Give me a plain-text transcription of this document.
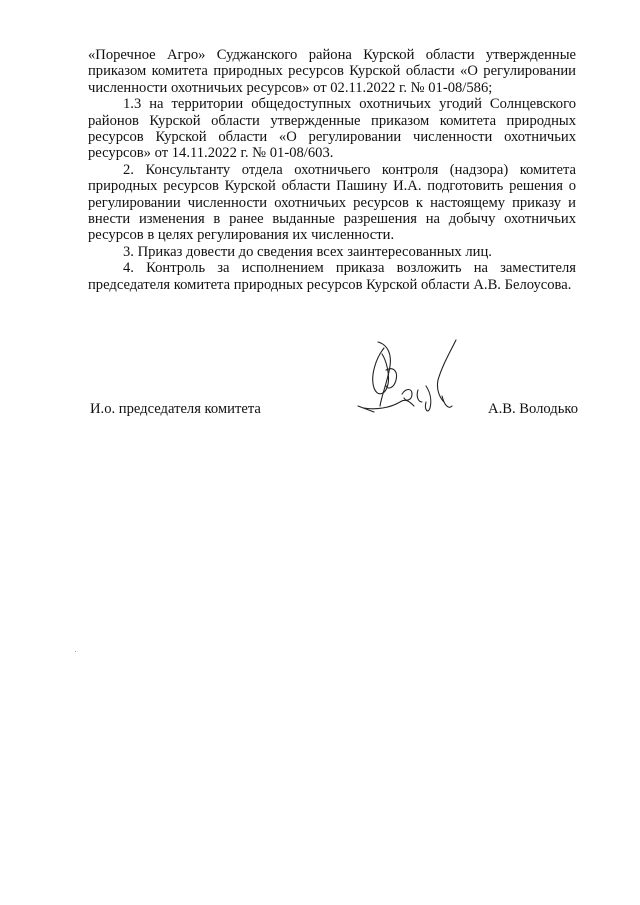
«Поречное Агро» Суджанского района Курской области утвержденные приказом комитета природных ресурсов Курской области «О регулировании численности охотничьих ресурсов» от 02.11.2022 г. № 01-08/586;

1.3 на территории общедоступных охотничьих угодий Солнцевского районов Курской области утвержденные приказом комитета природных ресурсов Курской области «О регулировании численности охотничьих ресурсов» от 14.11.2022 г. № 01-08/603.

2. Консультанту отдела охотничьего контроля (надзора) комитета природных ресурсов Курской области Пашину И.А. подготовить решения о регулировании численности охотничьих ресурсов к настоящему приказу и внести изменения в ранее выданные разрешения на добычу охотничьих ресурсов в целях регулирования их численности.

3. Приказ довести до сведения всех заинтересованных лиц.

4. Контроль за исполнением приказа возложить на заместителя председателя комитета природных ресурсов Курской области А.В. Белоусова.

И.о. председателя комитета	А.В. Володько
